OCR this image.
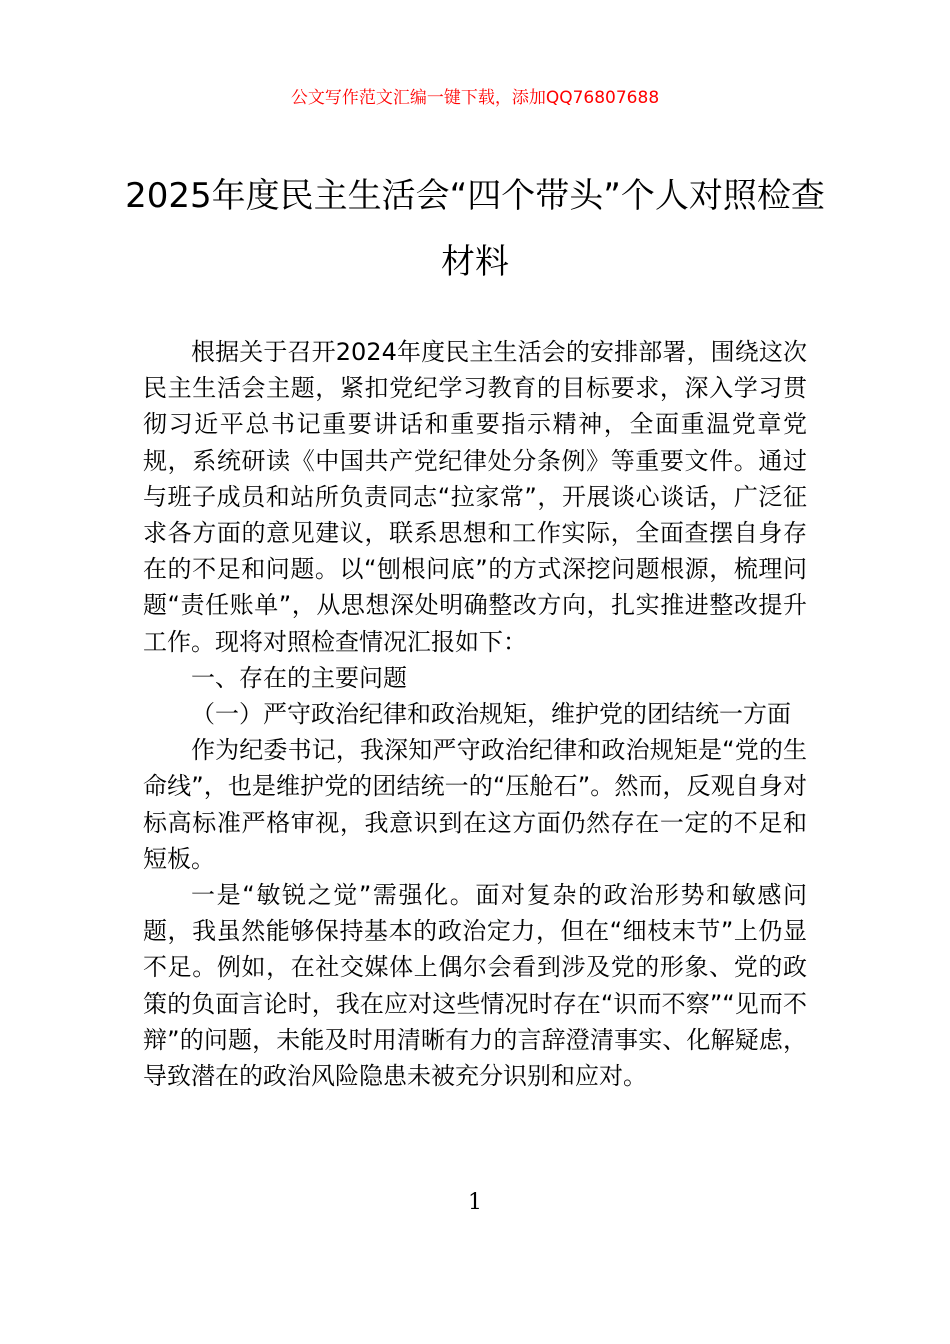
公文写作范文汇编一键下载，添加QQ76807688
2025年度民主生活会“四个带头”个人对照检查材料

根据关于召开2024年度民主生活会的安排部署，围绕这次民主生活会主题，紧扣党纪学习教育的目标要求，深入学习贯彻习近平总书记重要讲话和重要指示精神，全面重温党章党规，系统研读《中国共产党纪律处分条例》等重要文件。通过与班子成员和站所负责同志“拉家常”，开展谈心谈话，广泛征求各方面的意见建议，联系思想和工作实际，全面查摆自身存在的不足和问题。以“刨根问底”的方式深挖问题根源，梳理问题“责任账单”，从思想深处明确整改方向，扎实推进整改提升工作。现将对照检查情况汇报如下：

一、存在的主要问题

（一）严守政治纪律和政治规矩，维护党的团结统一方面

作为纪委书记，我深知严守政治纪律和政治规矩是“党的生命线”，也是维护党的团结统一的“压舱石”。然而，反观自身对标高标准严格审视，我意识到在这方面仍然存在一定的不足和短板。

一是“敏锐之觉”需强化。面对复杂的政治形势和敏感问题，我虽然能够保持基本的政治定力，但在“细枝末节”上仍显不足。例如，在社交媒体上偶尔会看到涉及党的形象、党的政策的负面言论时，我在应对这些情况时存在“识而不察”“见而不辩”的问题，未能及时用清晰有力的言辞澄清事实、化解疑虑，导致潜在的政治风险隐患未被充分识别和应对。

1
